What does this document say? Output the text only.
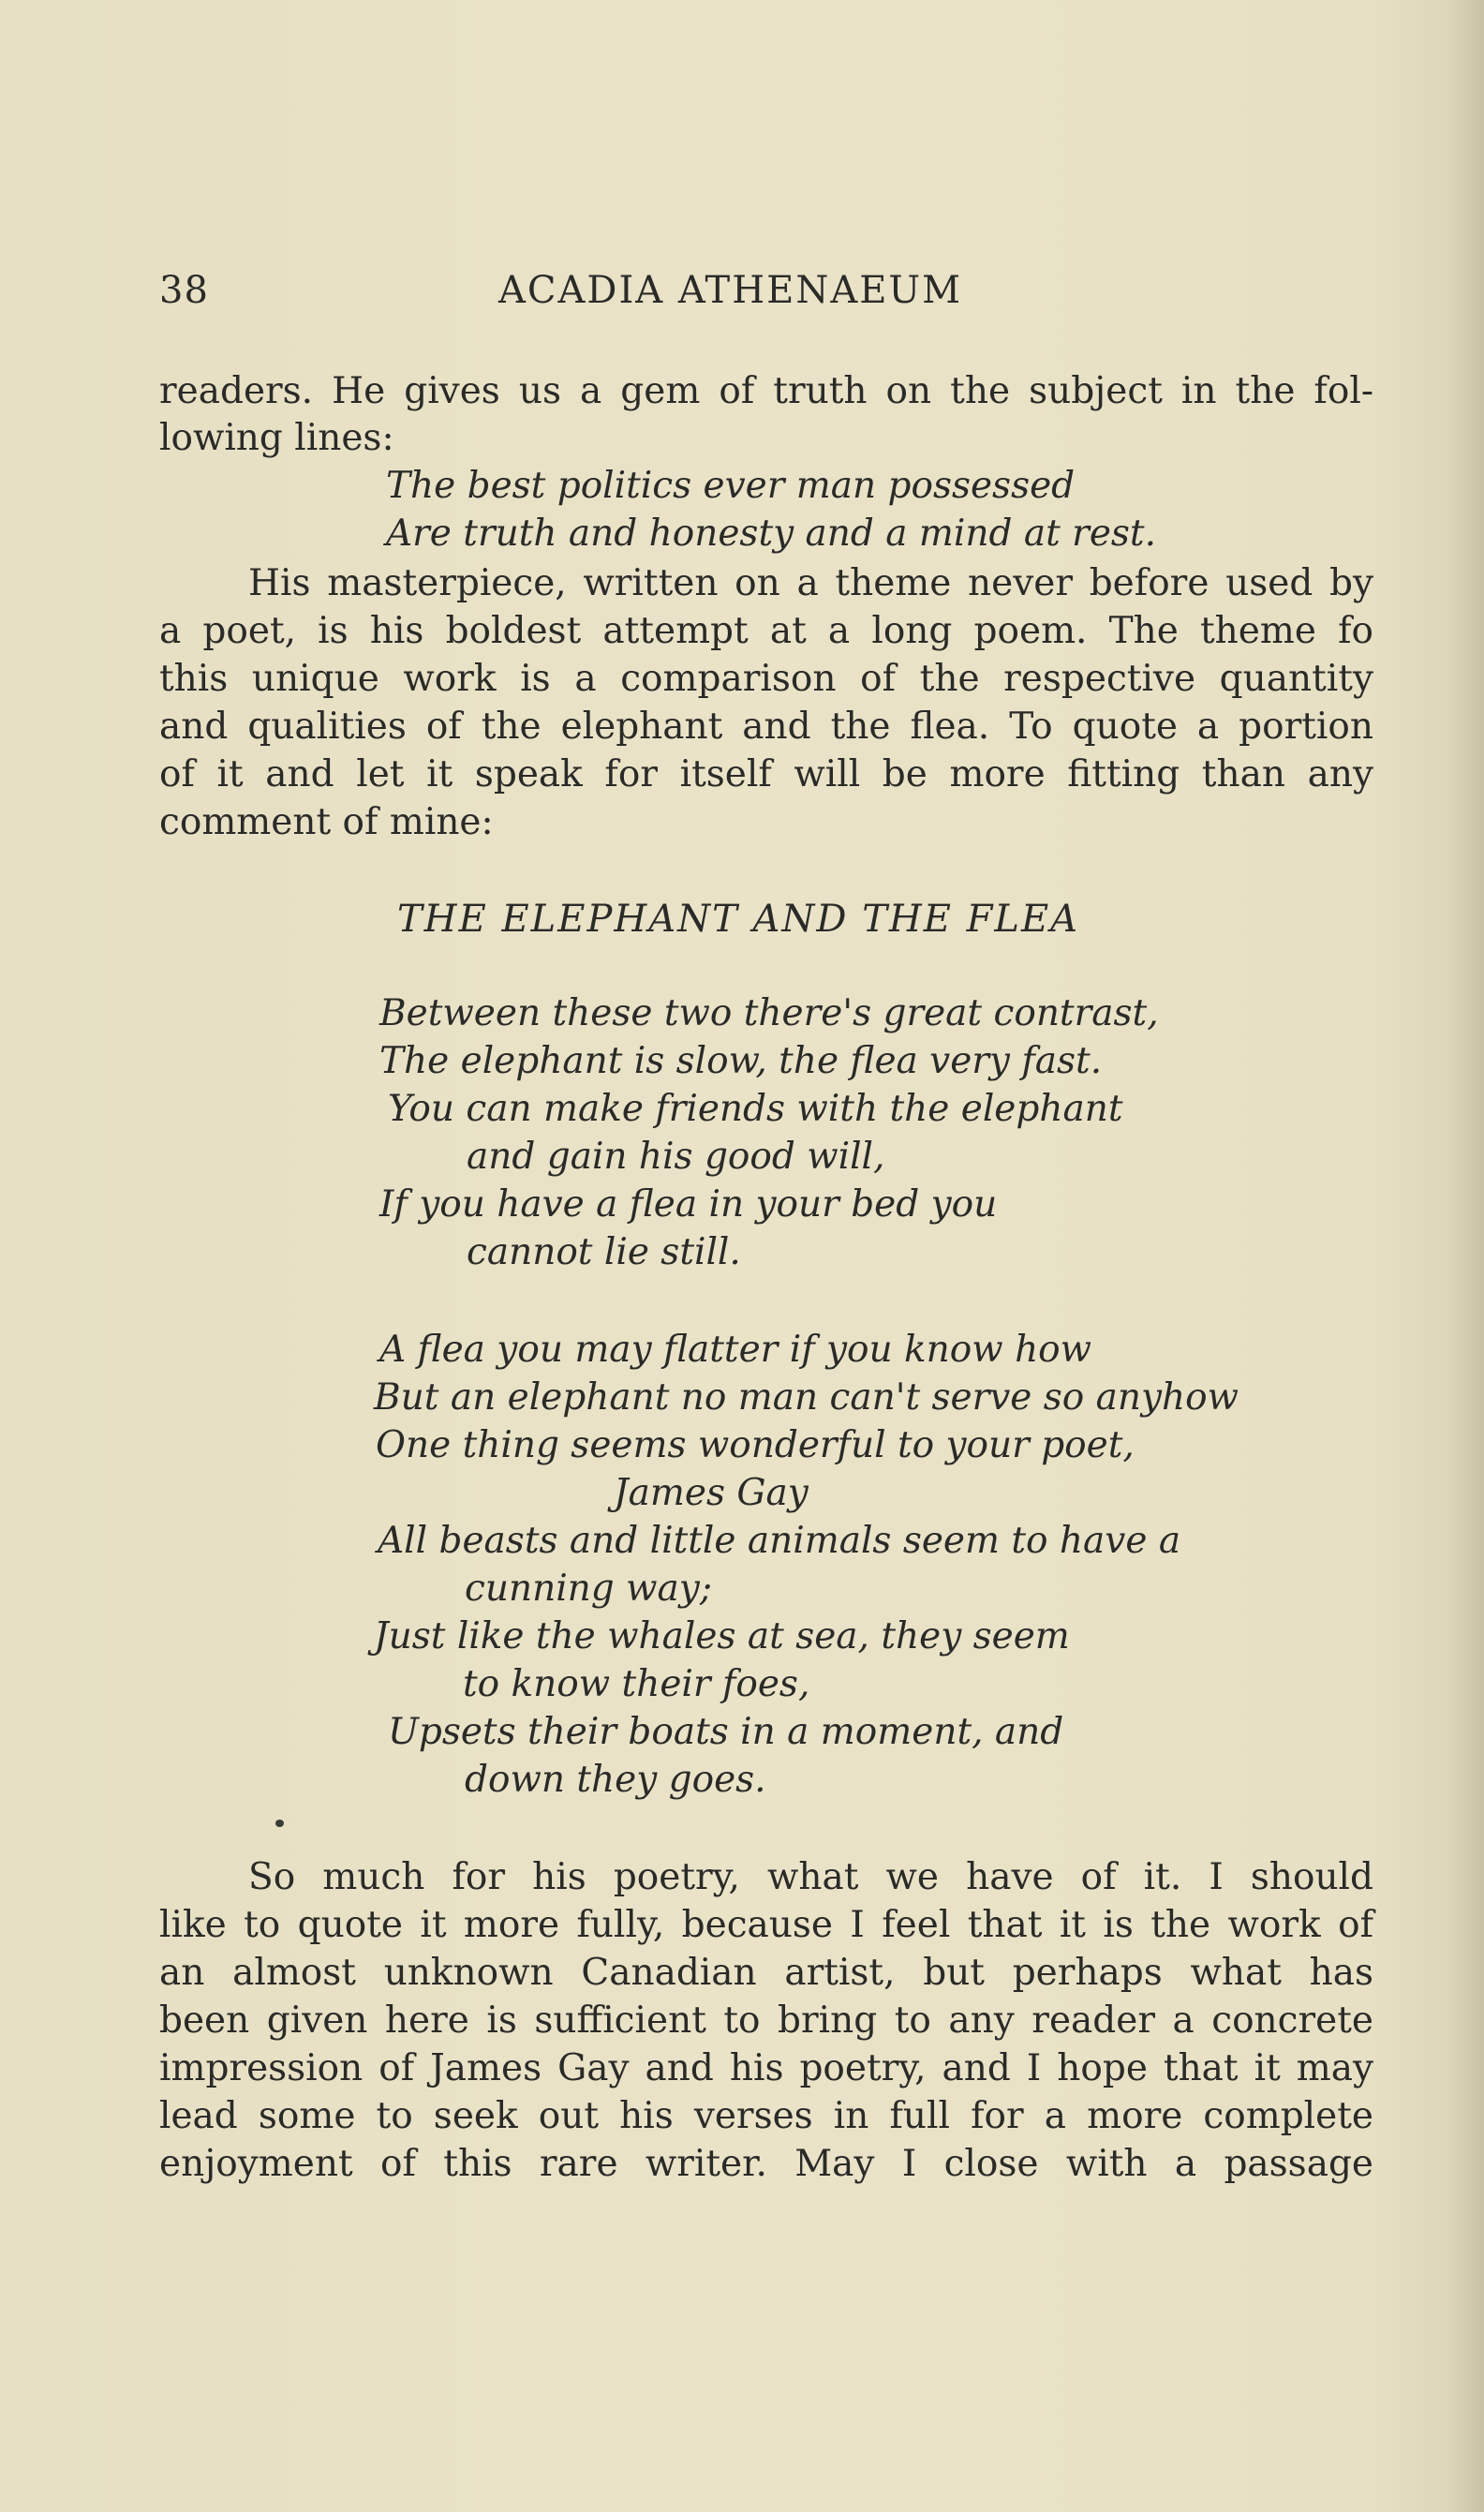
38	ACADIA ATHENAEUM
readers. He gives us a gem of truth on the subject in the fol-
lowing lines:
The best politics ever man possessed
Are truth and honesty and a mind at rest.
His masterpiece, written on a theme never before used by
a poet, is his boldest attempt at a long poem. The theme fo
this unique work is a comparison of the respective quantity
and qualities of the elephant and the flea. To quote a portion
of it and let it speak for itself will be more fitting than any
comment of mine:
THE ELEPHANT AND THE FLEA
Between these two there's great contrast,
The elephant is slow, the flea very fast.
You can make friends with the elephant
and gain his good will,
If you have a flea in your bed you
cannot lie still.
A flea you may flatter if you know how
But an elephant no man can't serve so anyhow
One thing seems wonderful to your poet,
James Gay
All beasts and little animals seem to have a
cunning way;
Just like the whales at sea, they seem
to know their foes,
Upsets their boats in a moment, and
down they goes.
So much for his poetry, what we have of it. I should
like to quote it more fully, because I feel that it is the work of
an almost unknown Canadian artist, but perhaps what has
been given here is sufficient to bring to any reader a concrete
impression of James Gay and his poetry, and I hope that it may
lead some to seek out his verses in full for a more complete
enjoyment of this rare writer. May I close with a passage
